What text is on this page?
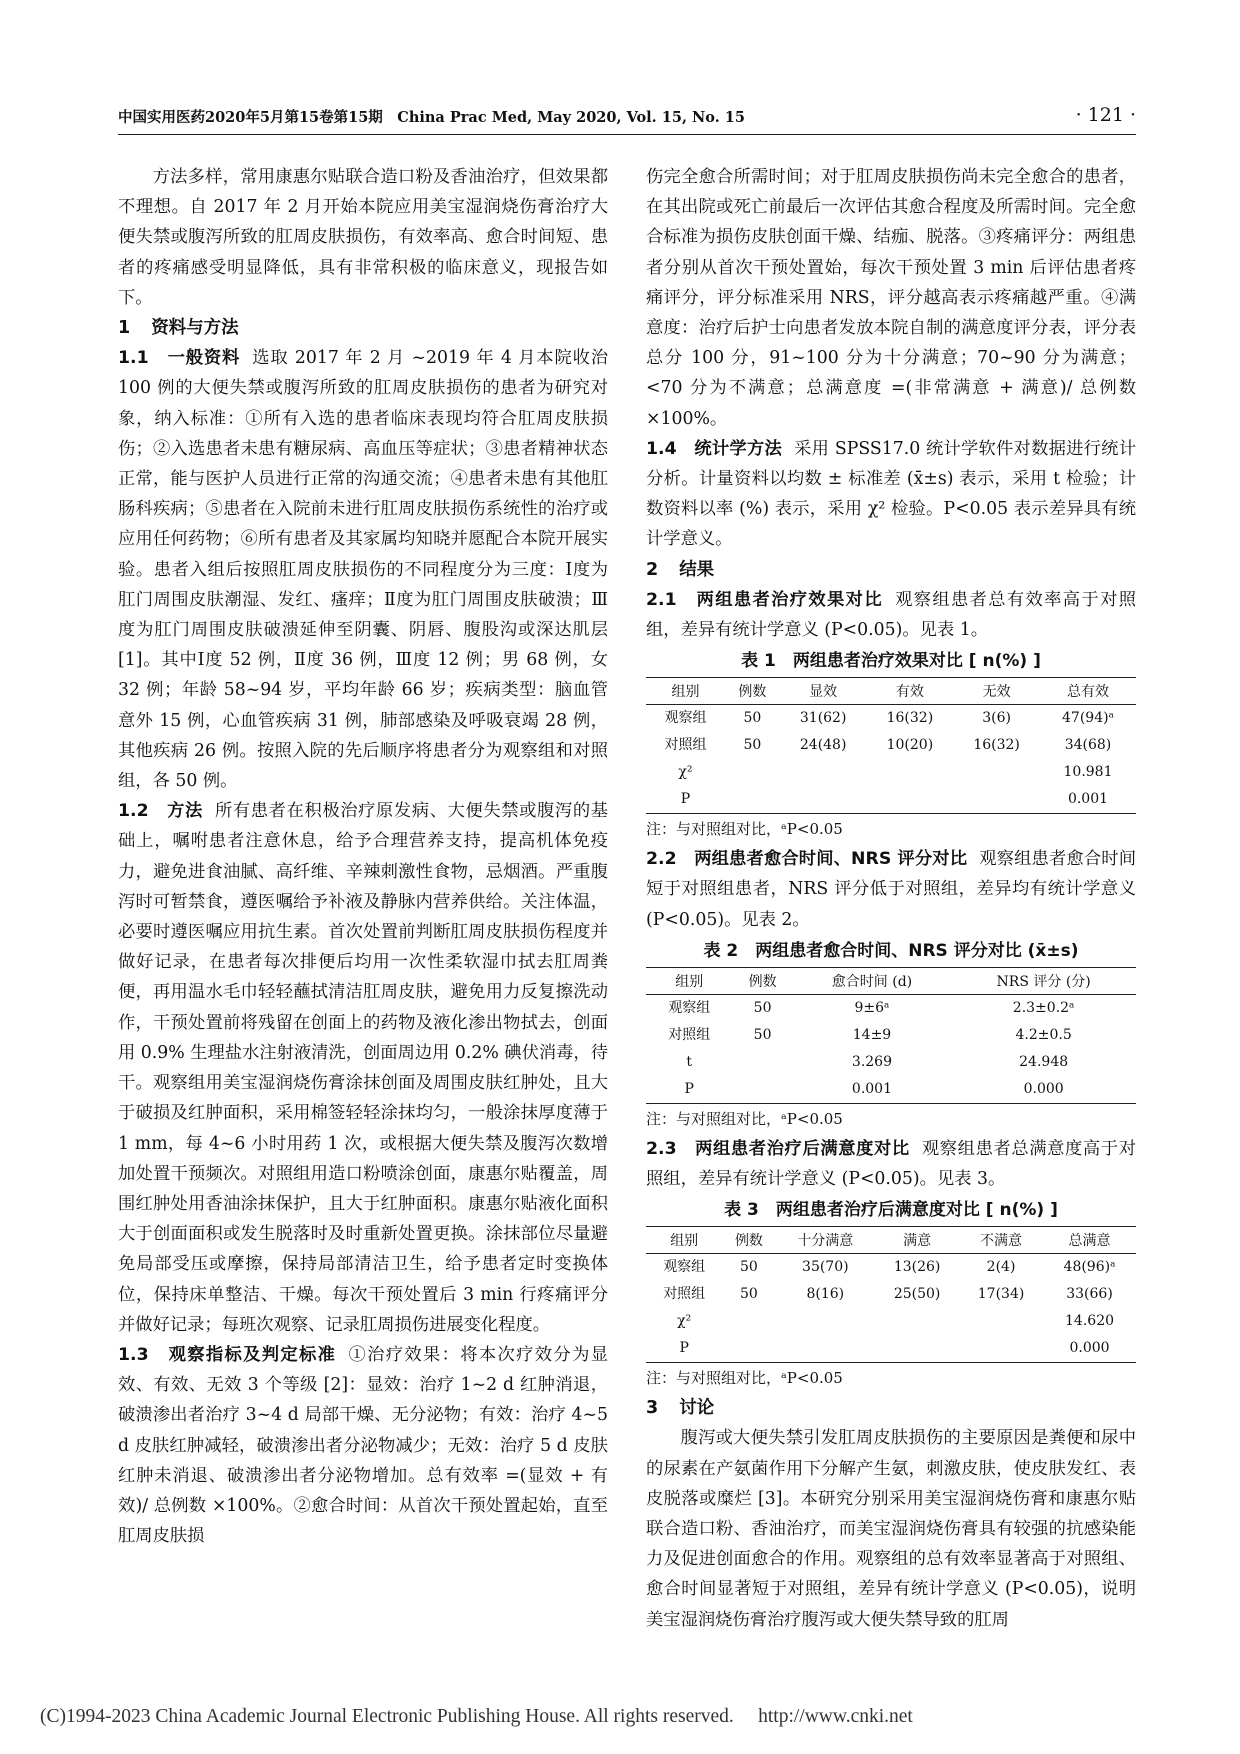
中国实用医药2020年5月第15卷第15期　China Prac Med, May 2020, Vol. 15, No. 15	· 121 ·

方法多样，常用康惠尔贴联合造口粉及香油治疗，但效果都不理想。自 2017 年 2 月开始本院应用美宝湿润烧伤膏治疗大便失禁或腹泻所致的肛周皮肤损伤，有效率高、愈合时间短、患者的疼痛感受明显降低，具有非常积极的临床意义，现报告如下。

1 资料与方法

1.1　一般资料 选取 2017 年 2 月 ~2019 年 4 月本院收治 100 例的大便失禁或腹泻所致的肛周皮肤损伤的患者为研究对象，纳入标准：①所有入选的患者临床表现均符合肛周皮肤损伤；②入选患者未患有糖尿病、高血压等症状；③患者精神状态正常，能与医护人员进行正常的沟通交流；④患者未患有其他肛肠科疾病；⑤患者在入院前未进行肛周皮肤损伤系统性的治疗或应用任何药物；⑥所有患者及其家属均知晓并愿配合本院开展实验。患者入组后按照肛周皮肤损伤的不同程度分为三度：Ⅰ度为肛门周围皮肤潮湿、发红、瘙痒；Ⅱ度为肛门周围皮肤破溃；Ⅲ度为肛门周围皮肤破溃延伸至阴囊、阴唇、腹股沟或深达肌层 [1]。其中Ⅰ度 52 例，Ⅱ度 36 例，Ⅲ度 12 例；男 68 例，女 32 例；年龄 58~94 岁，平均年龄 66 岁；疾病类型：脑血管意外 15 例，心血管疾病 31 例，肺部感染及呼吸衰竭 28 例，其他疾病 26 例。按照入院的先后顺序将患者分为观察组和对照组，各 50 例。

1.2　方法 所有患者在积极治疗原发病、大便失禁或腹泻的基础上，嘱咐患者注意休息，给予合理营养支持，提高机体免疫力，避免进食油腻、高纤维、辛辣刺激性食物，忌烟酒。严重腹泻时可暂禁食，遵医嘱给予补液及静脉内营养供给。关注体温，必要时遵医嘱应用抗生素。首次处置前判断肛周皮肤损伤程度并做好记录，在患者每次排便后均用一次性柔软湿巾拭去肛周粪便，再用温水毛巾轻轻蘸拭清洁肛周皮肤，避免用力反复擦洗动作，干预处置前将残留在创面上的药物及液化渗出物拭去，创面用 0.9% 生理盐水注射液清洗，创面周边用 0.2% 碘伏消毒，待干。观察组用美宝湿润烧伤膏涂抹创面及周围皮肤红肿处，且大于破损及红肿面积，采用棉签轻轻涂抹均匀，一般涂抹厚度薄于 1 mm，每 4~6 小时用药 1 次，或根据大便失禁及腹泻次数增加处置干预频次。对照组用造口粉喷涂创面，康惠尔贴覆盖，周围红肿处用香油涂抹保护，且大于红肿面积。康惠尔贴液化面积大于创面面积或发生脱落时及时重新处置更换。涂抹部位尽量避免局部受压或摩擦，保持局部清洁卫生，给予患者定时变换体位，保持床单整洁、干燥。每次干预处置后 3 min 行疼痛评分并做好记录；每班次观察、记录肛周损伤进展变化程度。

1.3　观察指标及判定标准 ①治疗效果：将本次疗效分为显效、有效、无效 3 个等级 [2]：显效：治疗 1~2 d 红肿消退，破溃渗出者治疗 3~4 d 局部干燥、无分泌物；有效：治疗 4~5 d 皮肤红肿减轻，破溃渗出者分泌物减少；无效：治疗 5 d 皮肤红肿未消退、破溃渗出者分泌物增加。总有效率 =(显效 + 有效)/ 总例数 ×100%。②愈合时间：从首次干预处置起始，直至肛周皮肤损

伤完全愈合所需时间；对于肛周皮肤损伤尚未完全愈合的患者，在其出院或死亡前最后一次评估其愈合程度及所需时间。完全愈合标准为损伤皮肤创面干燥、结痂、脱落。③疼痛评分：两组患者分别从首次干预处置始，每次干预处置 3 min 后评估患者疼痛评分，评分标准采用 NRS，评分越高表示疼痛越严重。④满意度：治疗后护士向患者发放本院自制的满意度评分表，评分表总分 100 分，91~100 分为十分满意；70~90 分为满意；<70 分为不满意；总满意度 =(非常满意 + 满意)/ 总例数 ×100%。

1.4　统计学方法 采用 SPSS17.0 统计学软件对数据进行统计分析。计量资料以均数 ± 标准差 (x̄±s) 表示，采用 t 检验；计数资料以率 (%) 表示，采用 χ² 检验。P<0.05 表示差异具有统计学意义。

2 结果

2.1　两组患者治疗效果对比 观察组患者总有效率高于对照组，差异有统计学意义 (P<0.05)。见表 1。

表 1　两组患者治疗效果对比 [ n(%) ]
组别	例数	显效	有效	无效	总有效
观察组	50	31(62)	16(32)	3(6)	47(94)ᵃ
对照组	50	24(48)	10(20)	16(32)	34(68)
χ²					10.981
P					0.001
注：与对照组对比，ᵃP<0.05

2.2　两组患者愈合时间、NRS 评分对比 观察组患者愈合时间短于对照组患者，NRS 评分低于对照组，差异均有统计学意义 (P<0.05)。见表 2。

表 2　两组患者愈合时间、NRS 评分对比 (x̄±s)
组别	例数	愈合时间 (d)	NRS 评分 (分)
观察组	50	9±6ᵃ	2.3±0.2ᵃ
对照组	50	14±9	4.2±0.5
t		3.269	24.948
P		0.001	0.000
注：与对照组对比，ᵃP<0.05

2.3　两组患者治疗后满意度对比 观察组患者总满意度高于对照组，差异有统计学意义 (P<0.05)。见表 3。

表 3　两组患者治疗后满意度对比 [ n(%) ]
组别	例数	十分满意	满意	不满意	总满意
观察组	50	35(70)	13(26)	2(4)	48(96)ᵃ
对照组	50	8(16)	25(50)	17(34)	33(66)
χ²					14.620
P					0.000
注：与对照组对比，ᵃP<0.05
3 讨论

腹泻或大便失禁引发肛周皮肤损伤的主要原因是粪便和尿中的尿素在产氨菌作用下分解产生氨，刺激皮肤，使皮肤发红、表皮脱落或糜烂 [3]。本研究分别采用美宝湿润烧伤膏和康惠尔贴联合造口粉、香油治疗，而美宝湿润烧伤膏具有较强的抗感染能力及促进创面愈合的作用。观察组的总有效率显著高于对照组、愈合时间显著短于对照组，差异有统计学意义 (P<0.05)，说明美宝湿润烧伤膏治疗腹泻或大便失禁导致的肛周

(C)1994-2023 China Academic Journal Electronic Publishing House. All rights reserved.　 http://www.cnki.net
